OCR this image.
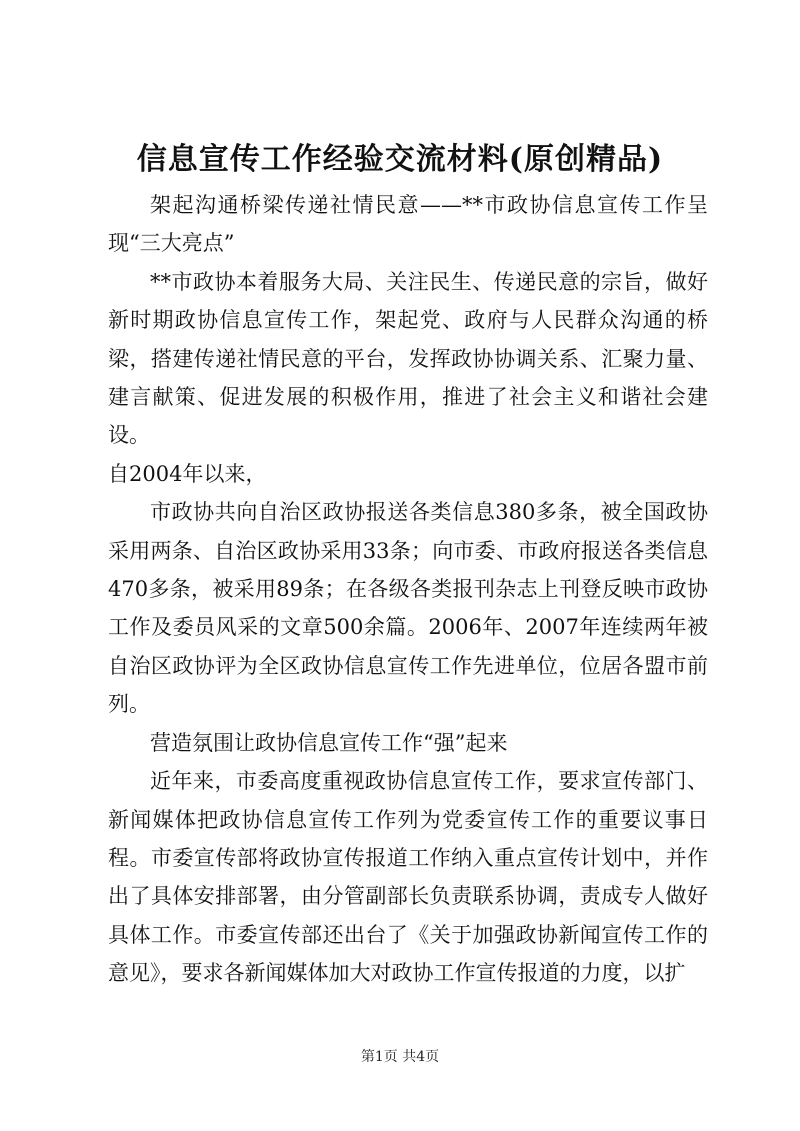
信息宣传工作经验交流材料(原创精品)

架起沟通桥梁传递社情民意——**市政协信息宣传工作呈现“三大亮点”

**市政协本着服务大局、关注民生、传递民意的宗旨，做好新时期政协信息宣传工作，架起党、政府与人民群众沟通的桥梁，搭建传递社情民意的平台，发挥政协协调关系、汇聚力量、建言献策、促进发展的积极作用，推进了社会主义和谐社会建设。

自2004年以来，

市政协共向自治区政协报送各类信息380多条，被全国政协采用两条、自治区政协采用33条；向市委、市政府报送各类信息470多条，被采用89条；在各级各类报刊杂志上刊登反映市政协工作及委员风采的文章500余篇。2006年、2007年连续两年被自治区政协评为全区政协信息宣传工作先进单位，位居各盟市前列。

营造氛围让政协信息宣传工作“强”起来

近年来，市委高度重视政协信息宣传工作，要求宣传部门、新闻媒体把政协信息宣传工作列为党委宣传工作的重要议事日程。市委宣传部将政协宣传报道工作纳入重点宣传计划中，并作出了具体安排部署，由分管副部长负责联系协调，责成专人做好具体工作。市委宣传部还出台了《关于加强政协新闻宣传工作的意见》，要求各新闻媒体加大对政协工作宣传报道的力度，以扩

第1页 共4页
